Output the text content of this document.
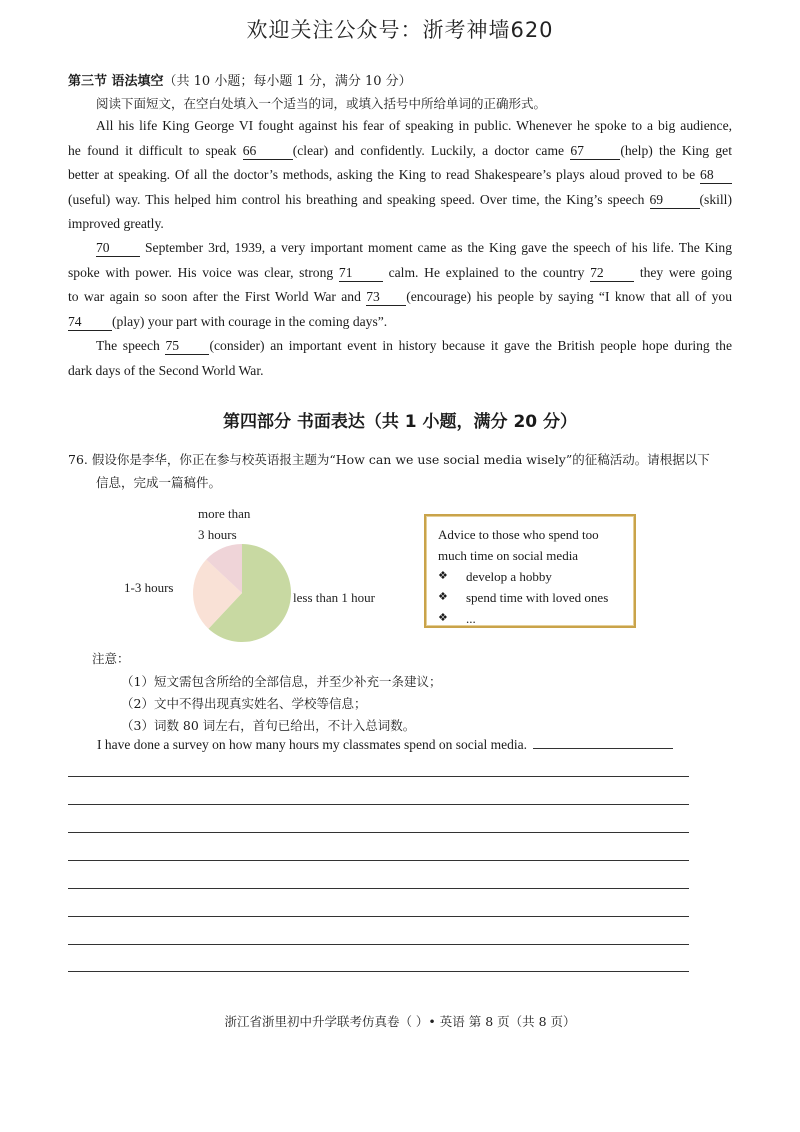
欢迎关注公众号：浙考神墙620
第三节 语法填空（共 10 小题；每小题 1 分，满分 10 分）
阅读下面短文，在空白处填入一个适当的词，或填入括号中所给单词的正确形式。
All his life King George VI fought against his fear of speaking in public. Whenever he spoke to a big audience,
he found it difficult to speak 66	(clear) and confidently. Luckily, a doctor came 67	(help) the King get
better at speaking. Of all the doctor’s methods, asking the King to read Shakespeare’s plays aloud proved to be 68
(useful) way. This helped him control his breathing and speaking speed. Over time, the King’s speech 69	(skill)
improved greatly.
70	September 3rd, 1939, a very important moment came as the King gave the speech of his life. The King
spoke with power. His voice was clear, strong 71	calm. He explained to the country 72	they were going
to war again so soon after the First World War and 73 (encourage) his people by saying “I know that all of you
74 (play) your part with courage in the coming days”.
The speech 75 (consider) an important event in history because it gave the British people hope during the
dark days of the Second World War.
第四部分 书面表达（共 1 小题，满分 20 分）
76. 假设你是李华，你正在参与校英语报主题为“How can we use social media wisely”的征稿活动。请根据以下
信息，完成一篇稿件。
more than
3 hours
1-3 hours
less than 1 hour
Advice to those who spend too
much time on social media
❖	develop a hobby
❖	spend time with loved ones
❖	...
注意：
（1）短文需包含所给的全部信息，并至少补充一条建议；
（2）文中不得出现真实姓名、学校等信息；
（3）词数 80 词左右，首句已给出，不计入总词数。
I have done a survey on how many hours my classmates spend on social media.
浙江省浙里初中升学联考仿真卷（ ）• 英语 第 8 页（共 8 页）
